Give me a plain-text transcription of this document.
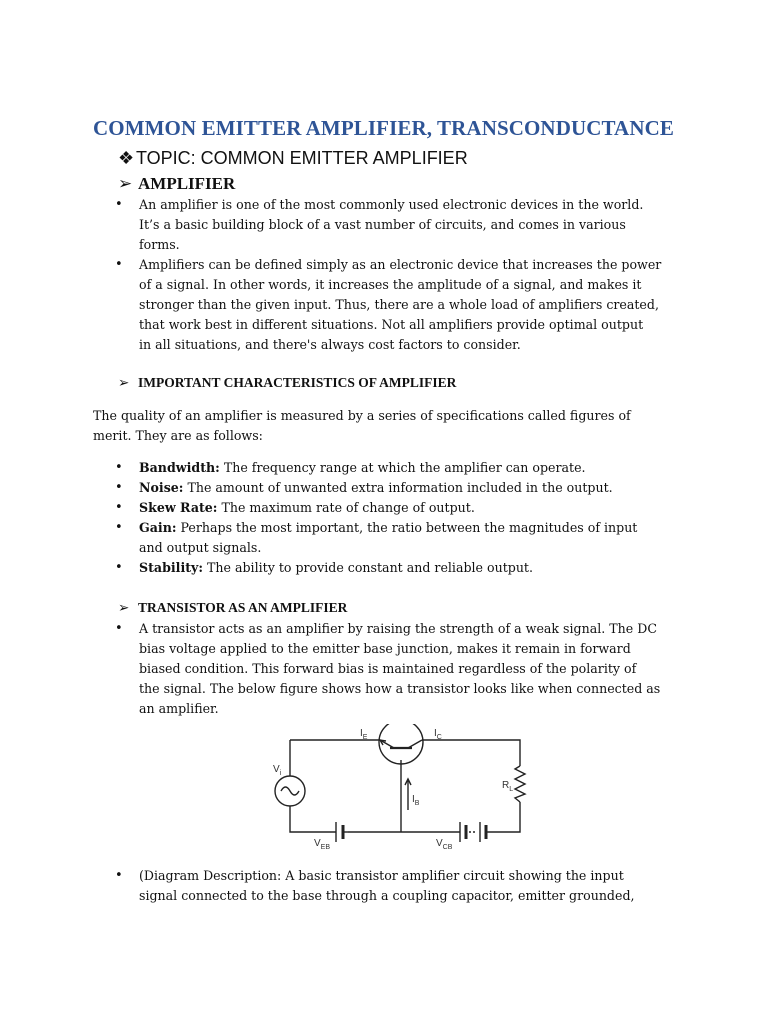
COMMON EMITTER AMPLIFIER, TRANSCONDUCTANCE
❖ TOPIC: COMMON EMITTER AMPLIFIER
➢ AMPLIFIER
• An amplifier is one of the most commonly used electronic devices in the world.
It’s a basic building block of a vast number of circuits, and comes in various
forms.
• Amplifiers can be defined simply as an electronic device that increases the power
of a signal. In other words, it increases the amplitude of a signal, and makes it
stronger than the given input. Thus, there are a whole load of amplifiers created,
that work best in different situations. Not all amplifiers provide optimal output
in all situations, and there's always cost factors to consider.
➢ IMPORTANT CHARACTERISTICS OF AMPLIFIER

The quality of an amplifier is measured by a series of specifications called figures of
merit. They are as follows:

• Bandwidth: The frequency range at which the amplifier can operate.
• Noise: The amount of unwanted extra information included in the output.
• Skew Rate: The maximum rate of change of output.
• Gain: Perhaps the most important, the ratio between the magnitudes of input
and output signals.
• Stability: The ability to provide constant and reliable output.
➢ TRANSISTOR AS AN AMPLIFIER
• A transistor acts as an amplifier by raising the strength of a weak signal. The DC
bias voltage applied to the emitter base junction, makes it remain in forward
biased condition. This forward bias is maintained regardless of the polarity of
the signal. The below figure shows how a transistor looks like when connected as
an amplifier.
$I_E$	$I_C$
$V_i$
$I_B$
$R_L$
$V_{EB}$	$V_{CB}$
• (Diagram Description: A basic transistor amplifier circuit showing the input
signal connected to the base through a coupling capacitor, emitter grounded,
